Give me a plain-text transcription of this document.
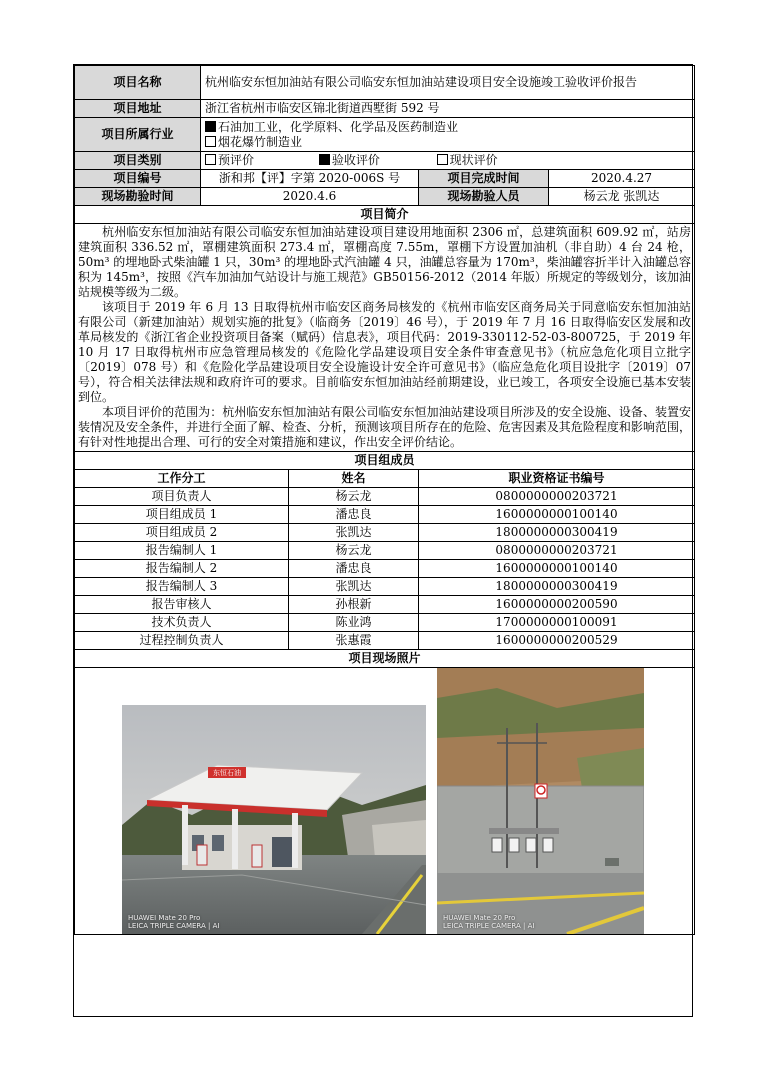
项目名称	杭州临安东恒加油站有限公司临安东恒加油站建设项目安全设施竣工验收评价报告		
项目地址	浙江省杭州市临安区锦北街道西墅街 592 号		
项目所属行业	石油加工业，化学原料、化学品及医药制造业
烟花爆竹制造业		

项目类别	预评价 验收评价 现状评价		
项目编号	浙和邦【评】字第 2020-006S 号	项目完成时间	2020.4.27
现场勘验时间	2020.4.6	现场勘验人员	杨云龙 张凯达
项目简介			

杭州临安东恒加油站有限公司临安东恒加油站建设项目建设用地面积 2306 ㎡，总建筑面积 609.92 ㎡，站房建筑面积 336.52 ㎡，罩棚建筑面积 273.4 ㎡，罩棚高度 7.55m，罩棚下方设置加油机（非自助）4 台 24 枪，50m³ 的埋地卧式柴油罐 1 只，30m³ 的埋地卧式汽油罐 4 只，油罐总容量为 170m³，柴油罐容折半计入油罐总容积为 145m³，按照《汽车加油加气站设计与施工规范》GB50156-2012（2014 年版）所规定的等级划分，该加油站规模等级为二级。

该项目于 2019 年 6 月 13 日取得杭州市临安区商务局核发的《杭州市临安区商务局关于同意临安东恒加油站有限公司（新建加油站）规划实施的批复》（临商务〔2019〕46 号），于 2019 年 7 月 16 日取得临安区发展和改革局核发的《浙江省企业投资项目备案（赋码）信息表》，项目代码：2019-330112-52-03-800725，于 2019 年 10 月 17 日取得杭州市应急管理局核发的《危险化学品建设项目安全条件审查意见书》（杭应急危化项目立批字〔2019〕078 号）和《危险化学品建设项目安全设施设计安全许可意见书》（临应急危化项目设批字〔2019〕07 号），符合相关法律法规和政府许可的要求。目前临安东恒加油站经前期建设，业已竣工，各项安全设施已基本安装到位。

本项目评价的范围为：杭州临安东恒加油站有限公司临安东恒加油站建设项目所涉及的安全设施、设备、装置安装情况及安全条件，并进行全面了解、检查、分析，预测该项目所存在的危险、危害因素及其危险程度和影响范围，有针对性地提出合理、可行的安全对策措施和建议，作出安全评价结论。			

项目组成员		
工作分工	姓名	职业资格证书编号
项目负责人	杨云龙	0800000000203721
项目组成员 1	潘忠良	1600000000100140
项目组成员 2	张凯达	1800000000300419
报告编制人 1	杨云龙	0800000000203721
报告编制人 2	潘忠良	1600000000100140
报告编制人 3	张凯达	1800000000300419
报告审核人	孙根新	1600000000200590
技术负责人	陈业鸿	1700000000100091
过程控制负责人	张惠霞	1600000000200529
项目现场照片		

东恒石油
HUAWEI Mate 20 Pro
LEICA TRIPLE CAMERA | AI
HUAWEI Mate 20 Pro
LEICA TRIPLE CAMERA | AI		
